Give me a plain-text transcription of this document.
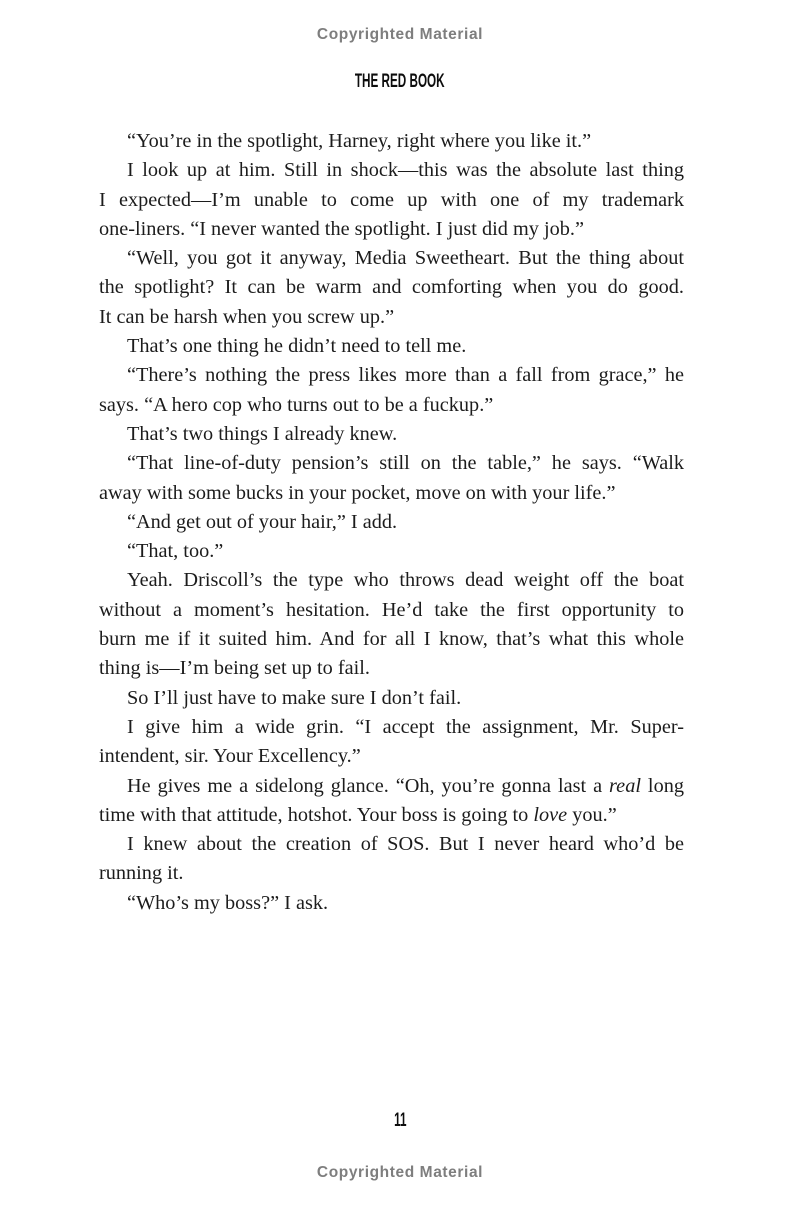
Copyrighted Material
THE RED BOOK
“You’re in the spotlight, Harney, right where you like it.”
I look up at him. Still in shock—this was the absolute last thing
I expected—I’m unable to come up with one of my trademark
one-liners. “I never wanted the spotlight. I just did my job.”
“Well, you got it anyway, Media Sweetheart. But the thing about
the spotlight? It can be warm and comforting when you do good.
It can be harsh when you screw up.”
That’s one thing he didn’t need to tell me.
“There’s nothing the press likes more than a fall from grace,” he
says. “A hero cop who turns out to be a fuckup.”
That’s two things I already knew.
“That line-of-duty pension’s still on the table,” he says. “Walk
away with some bucks in your pocket, move on with your life.”
“And get out of your hair,” I add.
“That, too.”
Yeah. Driscoll’s the type who throws dead weight off the boat
without a moment’s hesitation. He’d take the first opportunity to
burn me if it suited him. And for all I know, that’s what this whole
thing is—I’m being set up to fail.
So I’ll just have to make sure I don’t fail.
I give him a wide grin. “I accept the assignment, Mr. Super-
intendent, sir. Your Excellency.”
He gives me a sidelong glance. “Oh, you’re gonna last a real long
time with that attitude, hotshot. Your boss is going to love you.”
I knew about the creation of SOS. But I never heard who’d be
running it.
“Who’s my boss?” I ask.
11
Copyrighted Material
